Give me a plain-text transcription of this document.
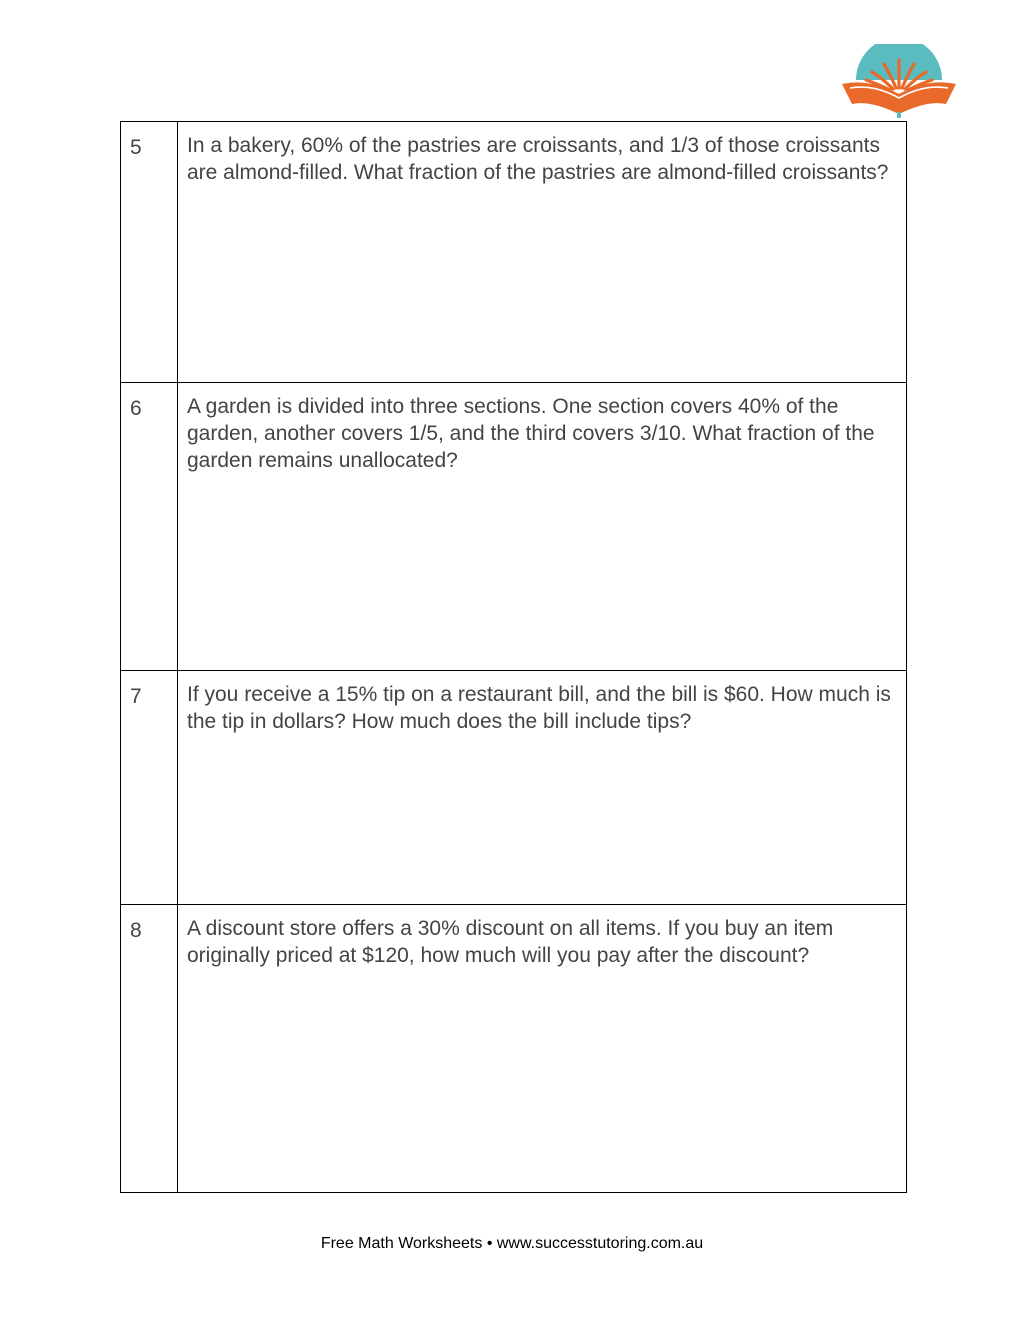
5	In a bakery, 60% of the pastries are croissants, and 1/3 of those croissants are almond-filled. What fraction of the pastries are almond-filled croissants?

6	A garden is divided into three sections. One section covers 40% of the garden, another covers 1/5, and the third covers 3/10. What fraction of the garden remains unallocated?

7	If you receive a 15% tip on a restaurant bill, and the bill is $60. How much is the tip in dollars? How much does the bill include tips?

8	A discount store offers a 30% discount on all items. If you buy an item originally priced at $120, how much will you pay after the discount?
Free Math Worksheets • www.successtutoring.com.au
